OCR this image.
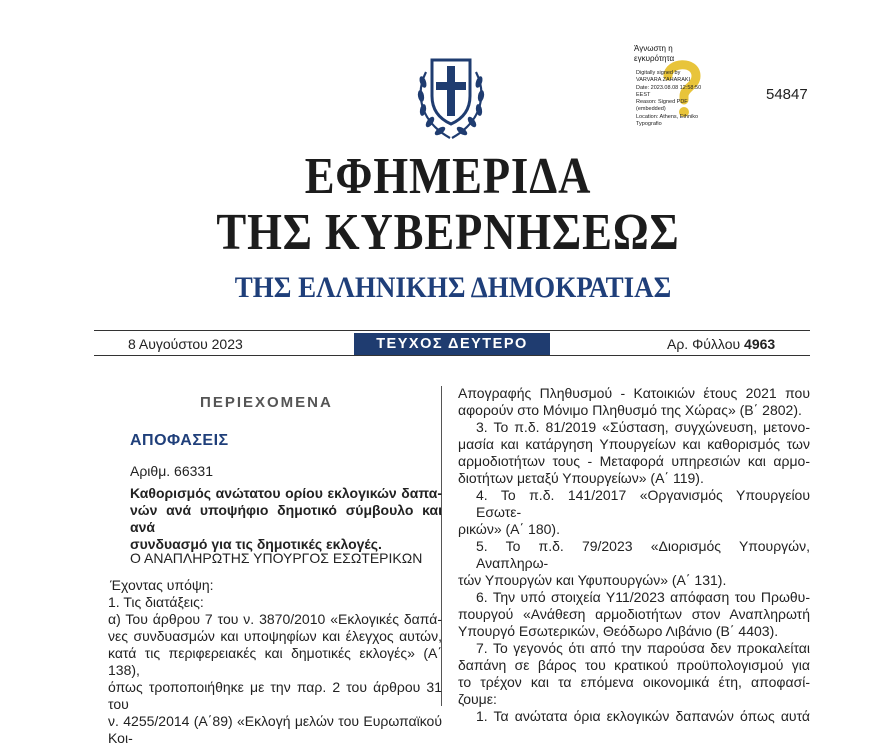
Άγνωστη η εγκυρότητα
Digitally signed by
VARVARA ZAHARAKI
Date: 2023.08.08 12:58:50
EEST
Reason: Signed PDF
(embedded)
Location: Athens, Ethniko
Typografio
54847
ΕΦΗΜΕΡΙΔΑ
ΤΗΣ ΚΥΒΕΡΝΗΣΕΩΣ
ΤΗΣ ΕΛΛΗΝΙΚΗΣ ΔΗΜΟΚΡΑΤΙΑΣ
8 Αυγούστου 2023	ΤΕΥΧΟΣ ΔΕΥΤΕΡΟ	Αρ. Φύλλου 4963
ΠΕΡΙΕΧΟΜΕΝΑ
ΑΠΟΦΑΣΕΙΣ
Αριθμ. 66331
Καθορισμός ανώτατου ορίου εκλογικών δαπα-
νών ανά υποψήφιο δημοτικό σύμβουλο και ανά
συνδυασμό για τις δημοτικές εκλογές.
Ο ΑΝΑΠΛΗΡΩΤΗΣ ΥΠΟΥΡΓΟΣ ΕΣΩΤΕΡΙΚΩΝ

Έχοντας υπόψη:

1. Τις διατάξεις:

α) Του άρθρου 7 του ν. 3870/2010 «Εκλογικές δαπά-

νες συνδυασμών και υποψηφίων και έλεγχος αυτών,

κατά τις περιφερειακές και δημοτικές εκλογές» (Α΄ 138),

όπως τροποποιήθηκε με την παρ. 2 του άρθρου 31 του

ν. 4255/2014 (Α΄89) «Εκλογή μελών του Ευρωπαϊκού Κοι-

Απογραφής Πληθυσμού - Κατοικιών έτους 2021 που

αφορούν στο Μόνιμο Πληθυσμό της Χώρας» (Β΄ 2802).

3. Το π.δ. 81/2019 «Σύσταση, συγχώνευση, μετονο-

μασία και κατάργηση Υπουργείων και καθορισμός των

αρμοδιοτήτων τους - Μεταφορά υπηρεσιών και αρμο-

διοτήτων μεταξύ Υπουργείων» (Α΄ 119).

4. Το π.δ. 141/2017 «Οργανισμός Υπουργείου Εσωτε-

ρικών» (Α΄ 180).

5. Το π.δ. 79/2023 «Διορισμός Υπουργών, Αναπληρω-

τών Υπουργών και Υφυπουργών» (Α΄ 131).

6. Την υπό στοιχεία Υ11/2023 απόφαση του Πρωθυ-

πουργού «Ανάθεση αρμοδιοτήτων στον Αναπληρωτή

Υπουργό Εσωτερικών, Θεόδωρο Λιβάνιο (Β΄ 4403).

7. Το γεγονός ότι από την παρούσα δεν προκαλείται

δαπάνη σε βάρος του κρατικού προϋπολογισμού για

το τρέχον και τα επόμενα οικονομικά έτη, αποφασί-

ζουμε:

1. Τα ανώτατα όρια εκλογικών δαπανών όπως αυτά
